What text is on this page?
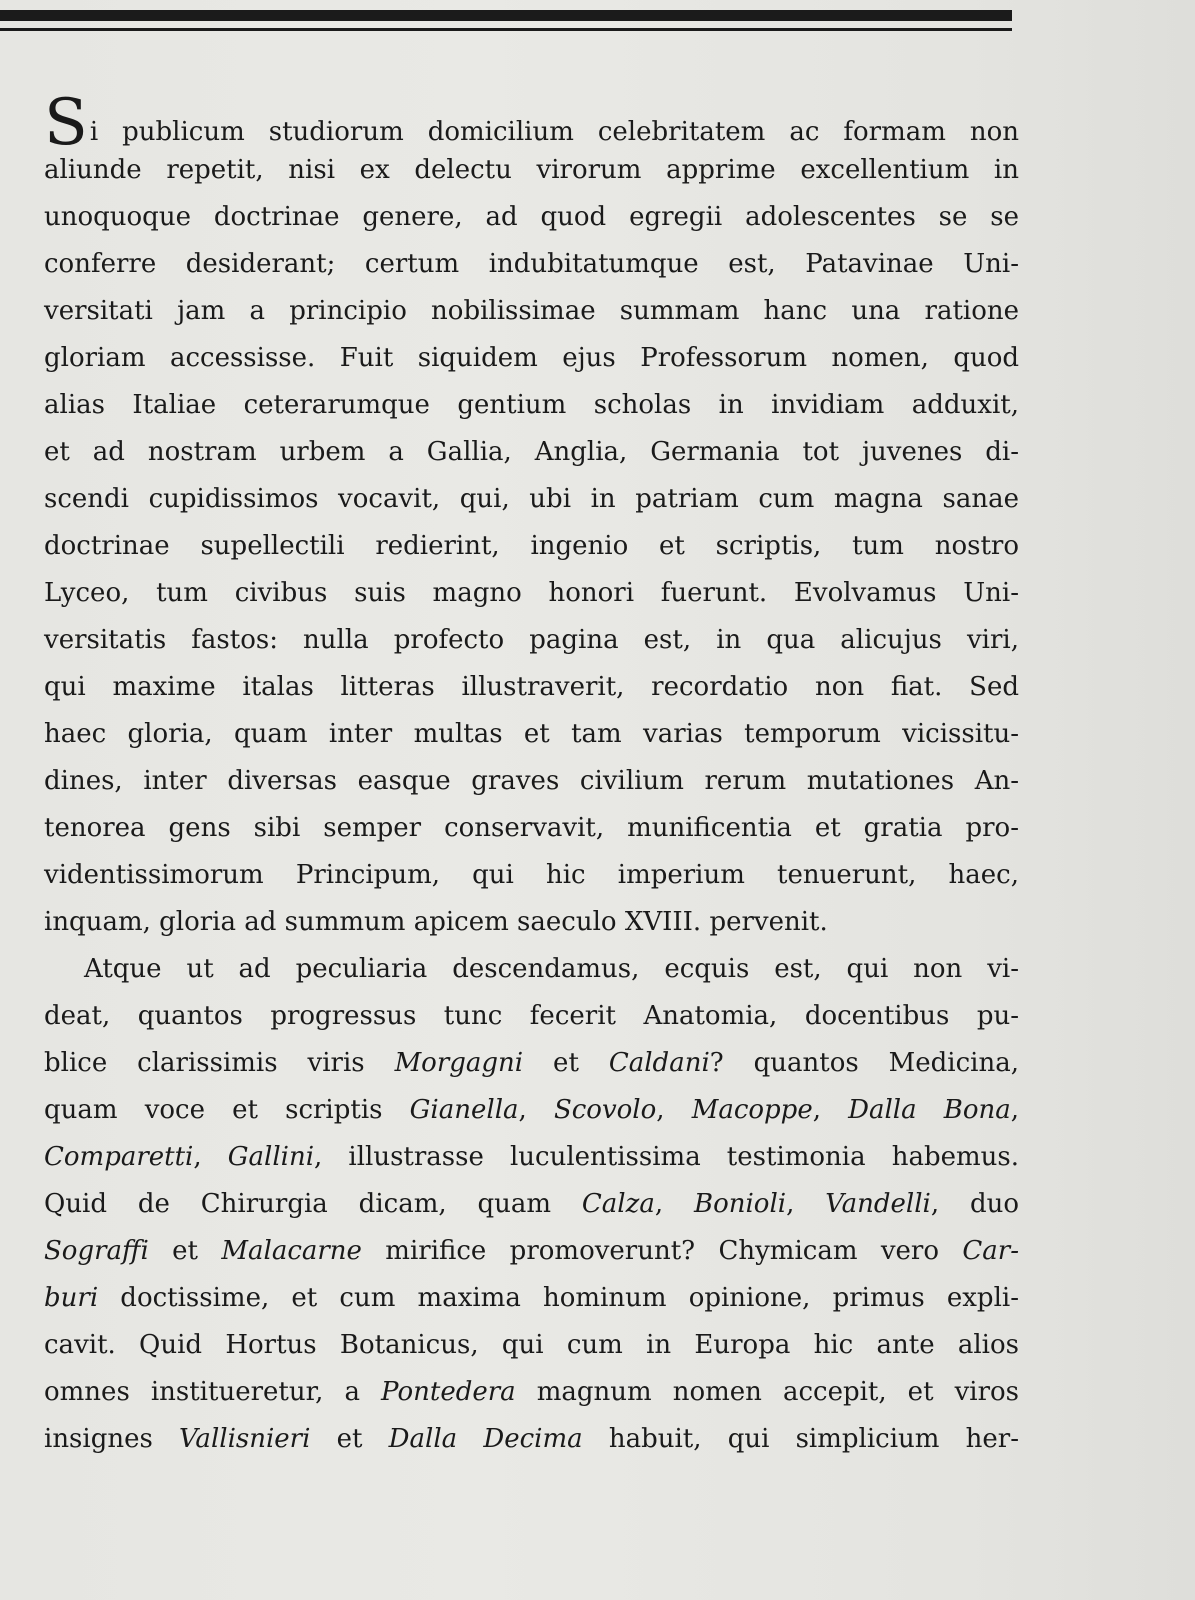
Si publicum studiorum domicilium celebritatem ac formam non
aliunde repetit, nisi ex delectu virorum apprime excellentium in
unoquoque doctrinae genere, ad quod egregii adolescentes se se
conferre desiderant; certum indubitatumque est, Patavinae Uni-
versitati jam a principio nobilissimae summam hanc una ratione
gloriam accessisse. Fuit siquidem ejus Professorum nomen, quod
alias Italiae ceterarumque gentium scholas in invidiam adduxit,
et ad nostram urbem a Gallia, Anglia, Germania tot juvenes di-
scendi cupidissimos vocavit, qui, ubi in patriam cum magna sanae
doctrinae supellectili redierint, ingenio et scriptis, tum nostro
Lyceo, tum civibus suis magno honori fuerunt. Evolvamus Uni-
versitatis fastos: nulla profecto pagina est, in qua alicujus viri,
qui maxime italas litteras illustraverit, recordatio non fiat. Sed
haec gloria, quam inter multas et tam varias temporum vicissitu-
dines, inter diversas easque graves civilium rerum mutationes An-
tenorea gens sibi semper conservavit, munificentia et gratia pro-
videntissimorum Principum, qui hic imperium tenuerunt, haec,
inquam, gloria ad summum apicem saeculo XVIII. pervenit.
Atque ut ad peculiaria descendamus, ecquis est, qui non vi-
deat, quantos progressus tunc fecerit Anatomia, docentibus pu-
blice clarissimis viris Morgagni et Caldani? quantos Medicina,
quam voce et scriptis Gianella, Scovolo, Macoppe, Dalla Bona,
Comparetti, Gallini, illustrasse luculentissima testimonia habemus.
Quid de Chirurgia dicam, quam Calza, Bonioli, Vandelli, duo
Sograffi et Malacarne mirifice promoverunt? Chymicam vero Car-
buri doctissime, et cum maxima hominum opinione, primus expli-
cavit. Quid Hortus Botanicus, qui cum in Europa hic ante alios
omnes institueretur, a Pontedera magnum nomen accepit, et viros
insignes Vallisnieri et Dalla Decima habuit, qui simplicium her-
